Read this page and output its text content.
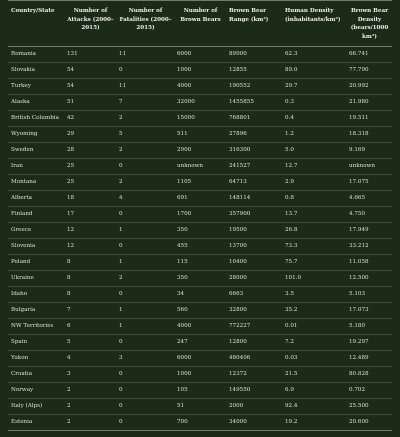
Country/State	Number of Attacks (2000–2015)	Number of Fatalities (2000–2015)	Number of Brown Bears	Brown Bear Range (km²)	Human Density (inhabitants/km²)	Brown Bear Density (bears/1000 km²)
Romania	131	11	6000	89900	62.3	66.741
Slovakia	54	0	1000	12855	89.0	77.790
Turkey	54	11	4000	190552	29.7	20.992
Alaska	51	7	32000	1455855	0.3	21.980
British Columbia	42	2	15000	768801	0.4	19.511
Wyoming	29	5	511	27896	1.2	18.318
Sweden	28	2	2900	316300	5.0	9.169
Iran	25	0	unknown	241527	12.7	unknown
Montana	25	2	1105	64713	2.9	17.075
Alberta	18	4	691	148114	0.8	4.665
Finland	17	0	1700	357900	13.7	4.750
Greece	12	1	350	19500	26.8	17.949
Slovenia	12	0	455	13700	73.3	33.212
Poland	8	1	115	10400	75.7	11.058
Ukraine	8	2	350	28000	101.0	12.500
Idaho	8	0	34	6663	3.5	5.103
Bulgaria	7	1	560	32800	35.2	17.073
NW Territories	6	1	4000	772227	0.01	5.180
Spain	5	0	247	12800	7.2	19.297
Yukon	4	3	6000	480406	0.03	12.489
Croatia	3	0	1000	12372	21.5	80.828
Norway	2	0	105	149550	6.9	0.702
Italy (Alps)	2	0	51	2000	92.4	25.500
Estonia	2	0	700	34000	19.2	20.600
